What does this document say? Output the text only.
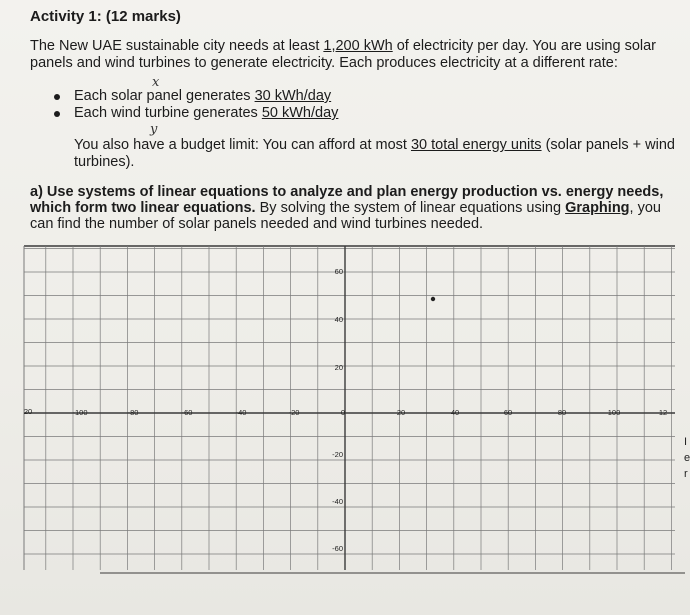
Activity 1: (12 marks)
The New UAE sustainable city needs at least 1,200 kWh of electricity per day. You are using solar panels and wind turbines to generate electricity. Each produces electricity at a different rate:
Each solar panel generates 30 kWh/day
Each wind turbine generates 50 kWh/day
x
y
You also have a budget limit: You can afford at most 30 total energy units (solar panels + wind turbines).
a) Use systems of linear equations to analyze and plan energy production vs. energy needs, which form two linear equations. By solving the system of linear equations using Graphing, you can find the number of solar panels needed and wind turbines needed.
20	-100	-80	-60	-40	-20	0	20	40	60	80	100	12
60
40
20
-20
-40
-60
I
e
r
